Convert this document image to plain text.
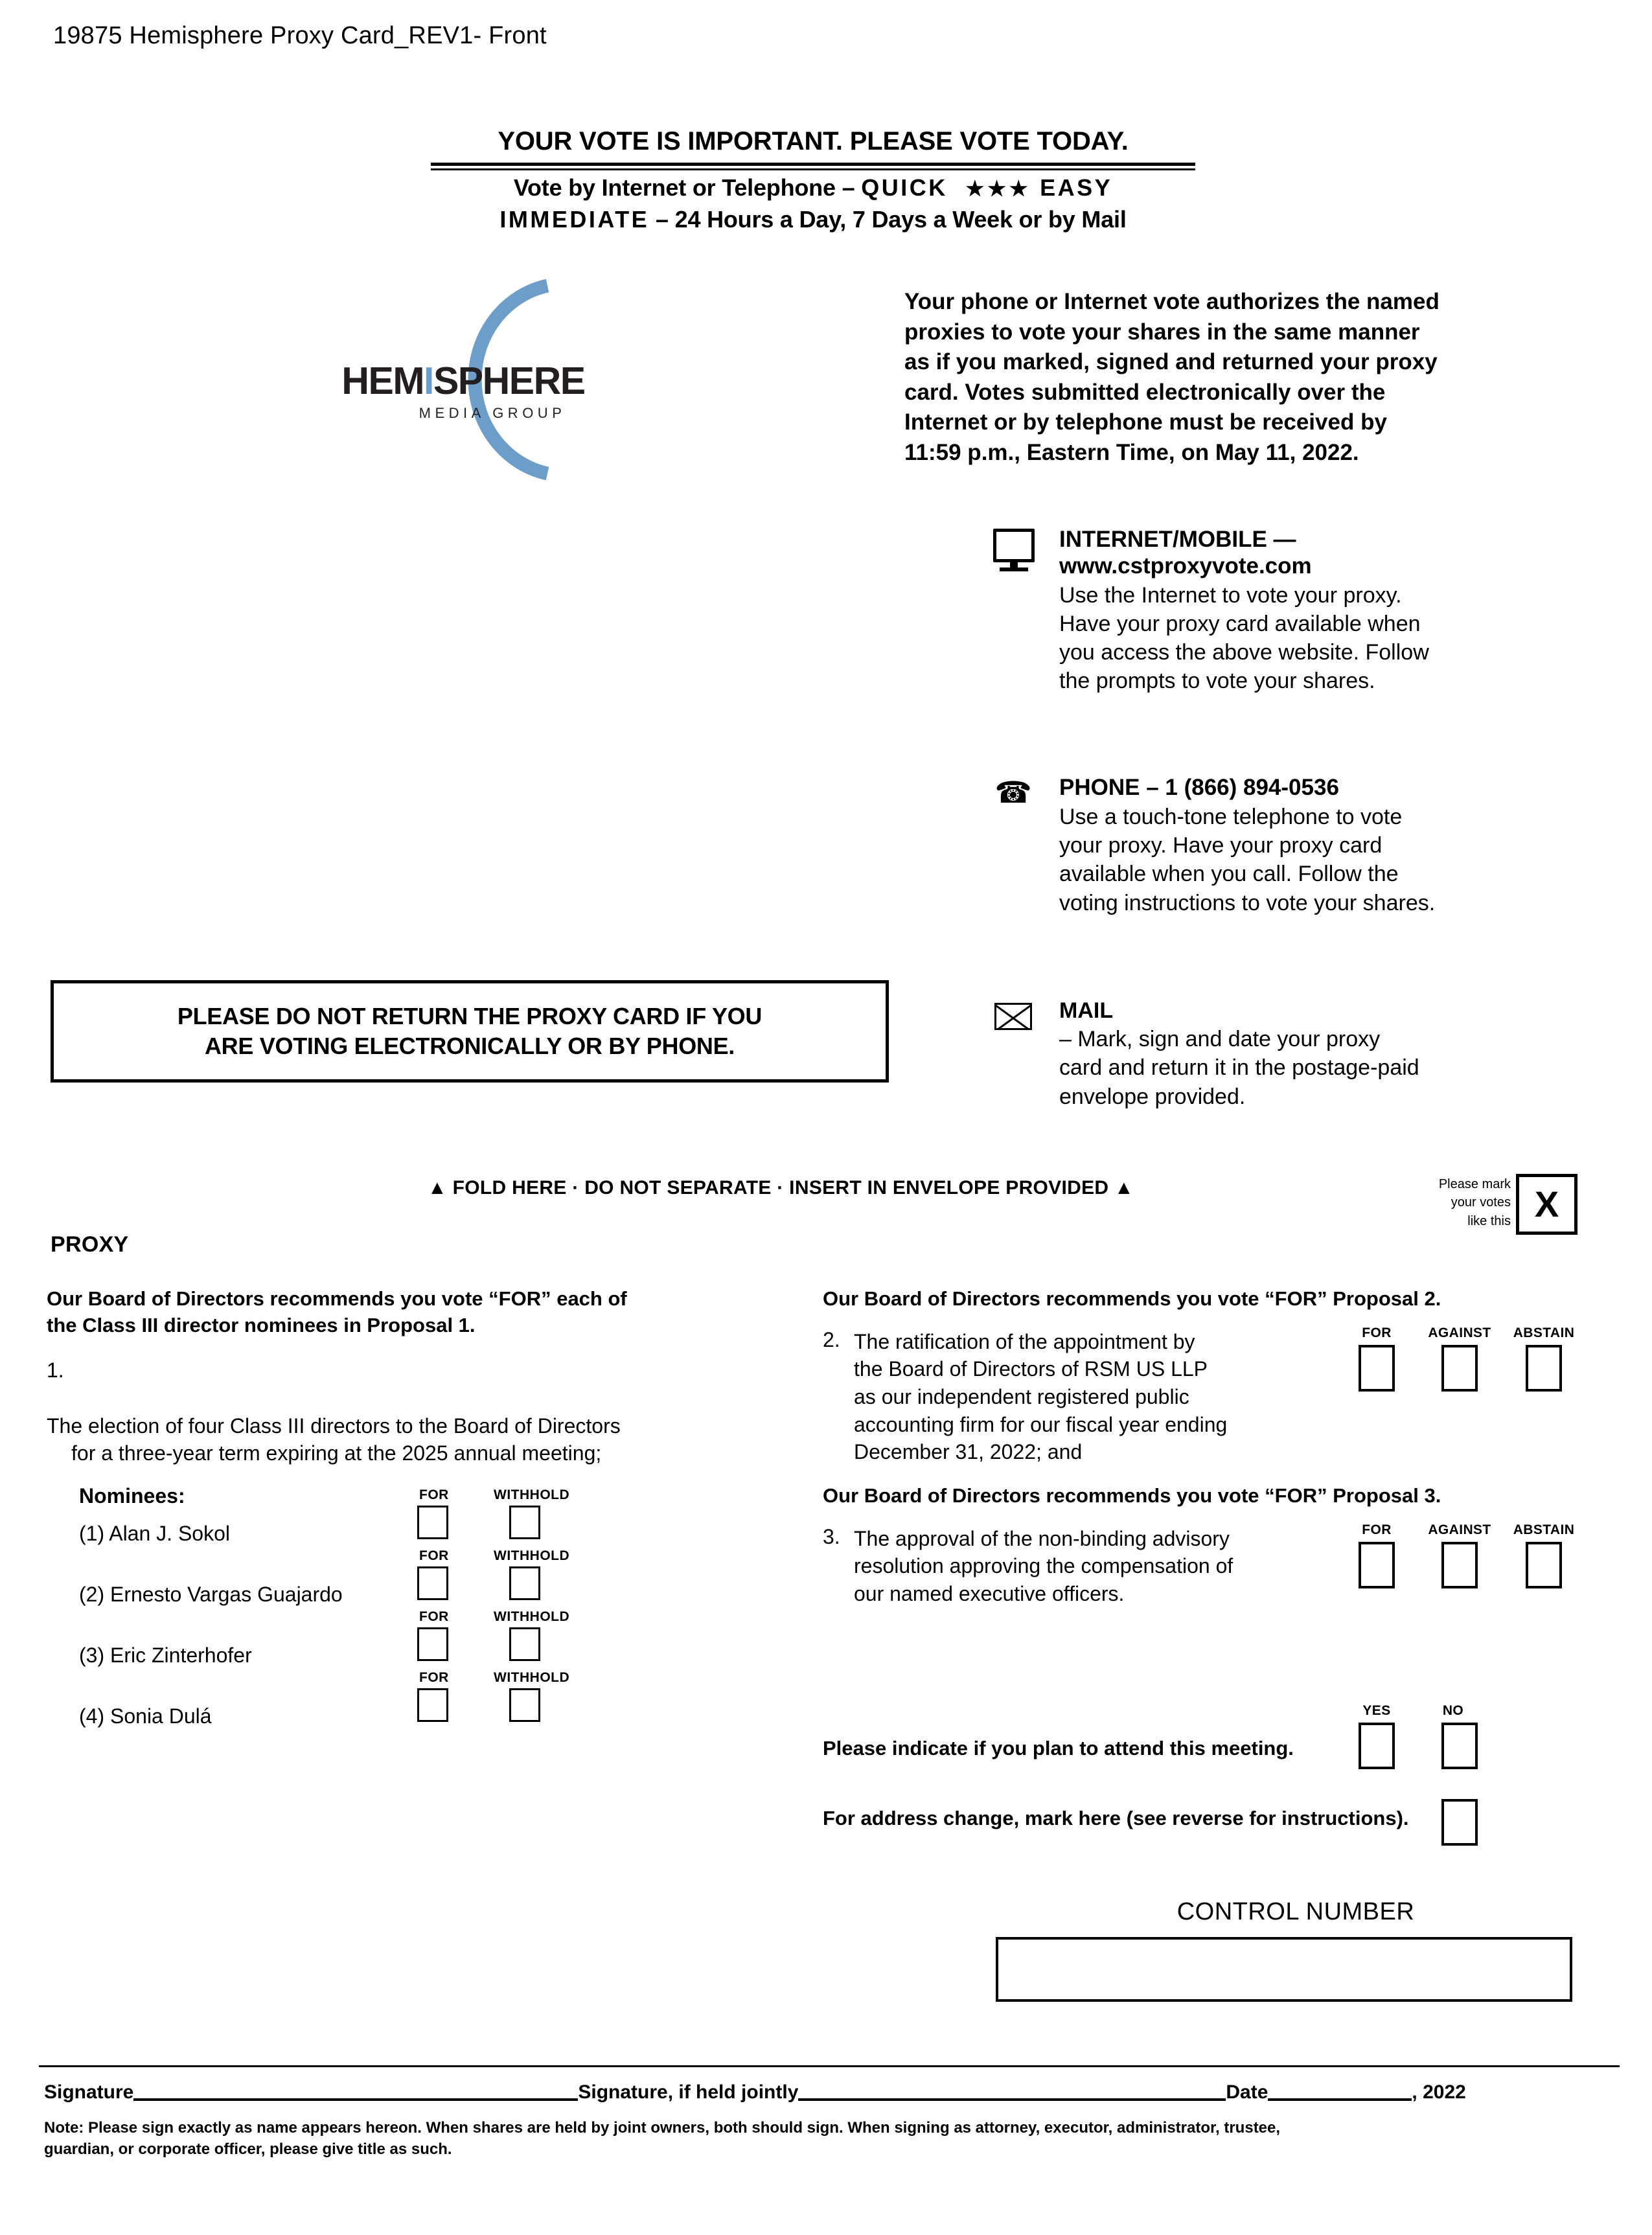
19875 Hemisphere Proxy Card_REV1- Front
YOUR VOTE IS IMPORTANT. PLEASE VOTE TODAY.
Vote by Internet or Telephone – QUICK ★★★ EASY
IMMEDIATE – 24 Hours a Day, 7 Days a Week or by Mail
HEMISPHERE
MEDIA GROUP
Your phone or Internet vote authorizes the named
proxies to vote your shares in the same manner
as if you marked, signed and returned your proxy
card. Votes submitted electronically over the
Internet or by telephone must be received by
11:59 p.m., Eastern Time, on May 11, 2022.
INTERNET/MOBILE —
www.cstproxyvote.com
Use the Internet to vote your proxy.
Have your proxy card available when
you access the above website. Follow
the prompts to vote your shares.
☎ PHONE – 1 (866) 894-0536
Use a touch-tone telephone to vote
your proxy. Have your proxy card
available when you call. Follow the
voting instructions to vote your shares.
MAIL
– Mark, sign and date your proxy
card and return it in the postage-paid
envelope provided.
PLEASE DO NOT RETURN THE PROXY CARD IF YOU
ARE VOTING ELECTRONICALLY OR BY PHONE.
▲ FOLD HERE · DO NOT SEPARATE · INSERT IN ENVELOPE PROVIDED ▲	Please mark
your votes
like this X
PROXY
Our Board of Directors recommends you vote “FOR” each of
the Class III director nominees in Proposal 1.
1.

The election of four Class III directors to the Board of Directors
for a three-year term expiring at the 2025 annual meeting;
Nominees:
(1) Alan J. Sokol
FOR	WITHHOLD
(2) Ernesto Vargas Guajardo
FOR	WITHHOLD
(3) Eric Zinterhofer
FOR	WITHHOLD
(4) Sonia Dulá
FOR	WITHHOLD
Our Board of Directors recommends you vote “FOR” Proposal 2.
2. The ratification of the appointment by
the Board of Directors of RSM US LLP
as our independent registered public
accounting firm for our fiscal year ending
December 31, 2022; and
FOR	AGAINST	ABSTAIN
Our Board of Directors recommends you vote “FOR” Proposal 3.
3. The approval of the non-binding advisory
resolution approving the compensation of
our named executive officers.
FOR	AGAINST	ABSTAIN
Please indicate if you plan to attend this meeting.
YES	NO
For address change, mark here (see reverse for instructions).
CONTROL NUMBER
Signature	Signature, if held jointly	Date	, 2022
Note: Please sign exactly as name appears hereon. When shares are held by joint owners, both should sign. When signing as attorney, executor, administrator, trustee,
guardian, or corporate officer, please give title as such.
